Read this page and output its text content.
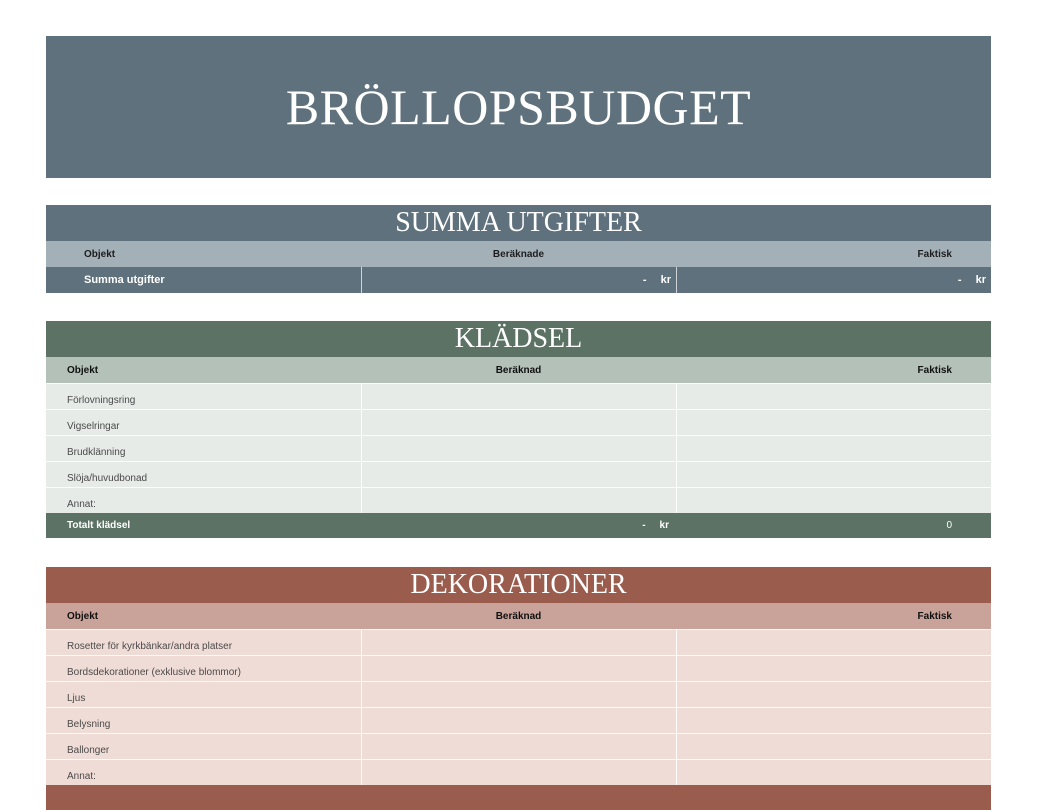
BRÖLLOPSBUDGET
SUMMA UTGIFTER
Objekt	Beräknade	Faktisk
Summa utgifter	- kr	- kr
KLÄDSEL
Objekt	Beräknad	Faktisk
Förlovningsring
Vigselringar
Brudklänning
Slöja/huvudbonad
Annat:
Totalt klädsel	- kr	0
DEKORATIONER
Objekt	Beräknad	Faktisk
Rosetter för kyrkbänkar/andra platser
Bordsdekorationer (exklusive blommor)
Ljus
Belysning
Ballonger
Annat:
